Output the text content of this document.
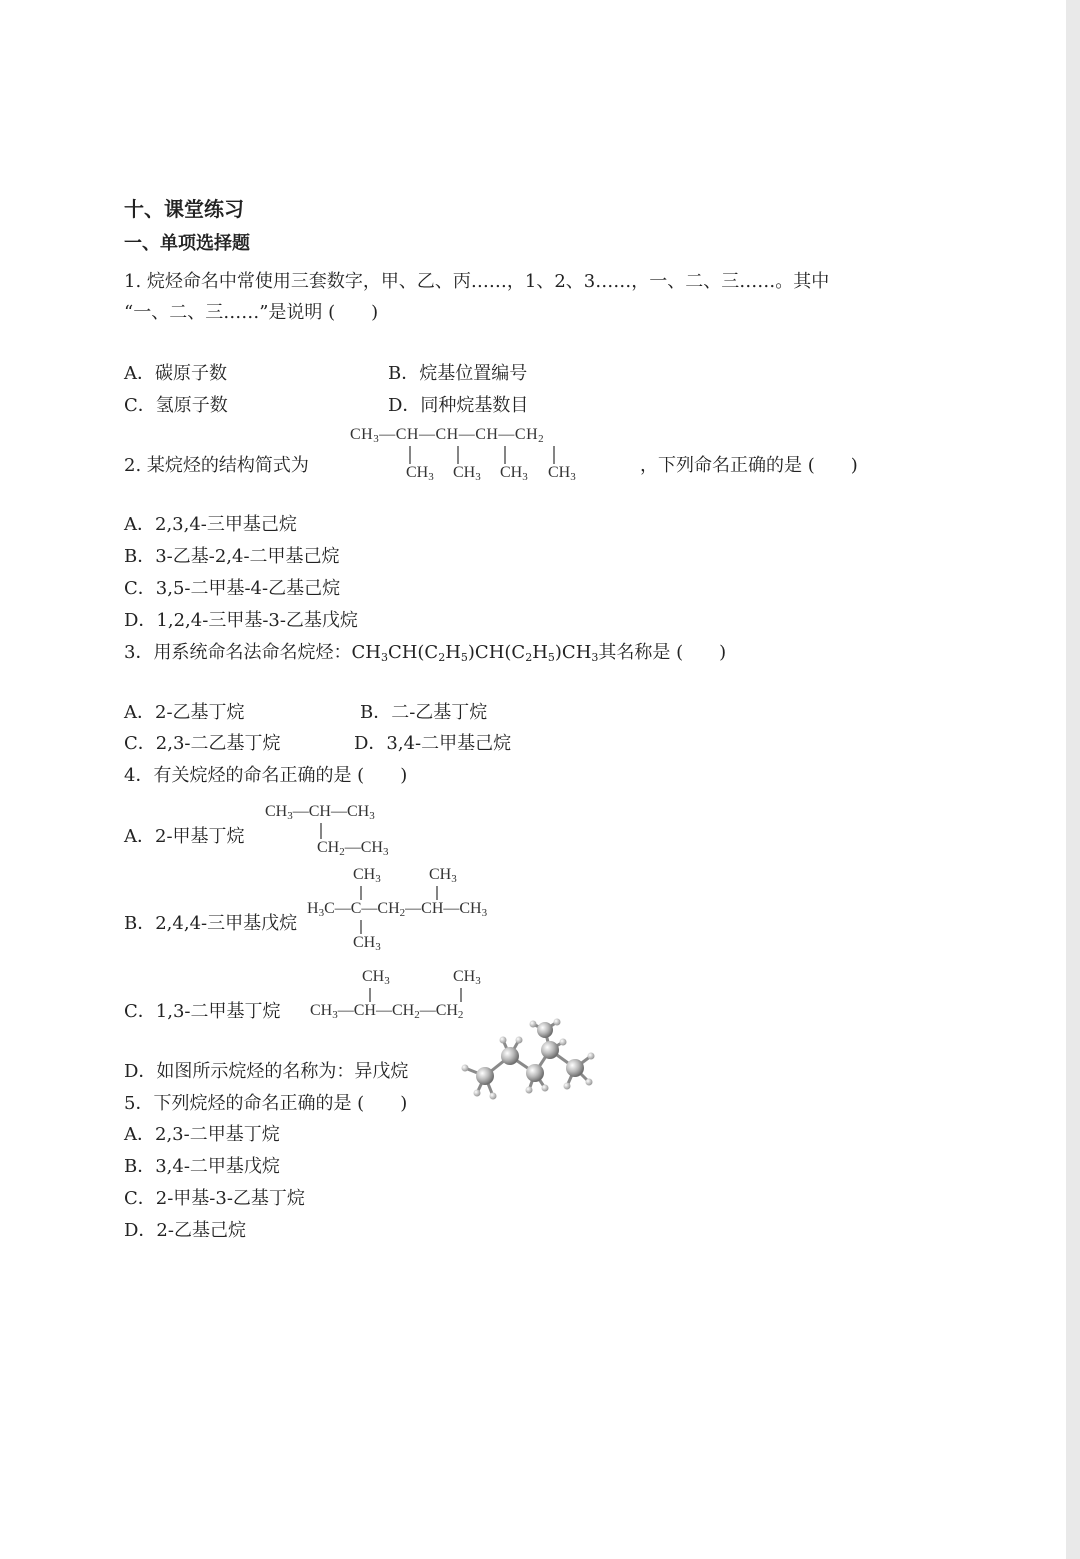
十、课堂练习
一、单项选择题
1. 烷烃命名中常使用三套数字，甲、乙、丙……，1、2、3……，一、二、三……。其中
“一、二、三……”是说明 (　　)
A．碳原子数	B．烷基位置编号
C．氢原子数	D．同种烷基数目
2. 某烷烃的结构简式为
$CH_3—CH—CH—CH—CH_2$
$CH_3$ $CH_3$ $CH_3$ $CH_3$
，下列命名正确的是 (　　)
A．2,3,4-三甲基己烷
B．3-乙基-2,4-二甲基己烷
C．3,5-二甲基-4-乙基己烷
D．1,2,4-三甲基-3-乙基戊烷
3．用系统命名法命名烷烃：$CH_3CH(C_2H_5)CH(C_2H_5)CH_3$其名称是 (　　)
A．2-乙基丁烷	B．二-乙基丁烷
C．2,3-二乙基丁烷	D．3,4-二甲基己烷
4．有关烷烃的命名正确的是 (　　)
A．2-甲基丁烷
$CH_3—CH—CH_3$
$CH_2—CH_3$
B．2,4,4-三甲基戊烷
$CH_3$	$CH_3$
$H_3C—C—CH_2—CH—CH_3$
$CH_3$
C．1,3-二甲基丁烷
$CH_3$	$CH_3$
$CH_3—CH—CH_2—CH_2$
D．如图所示烷烃的名称为：异戊烷
5．下列烷烃的命名正确的是 (　　)
A．2,3-二甲基丁烷
B．3,4-二甲基戊烷
C．2-甲基-3-乙基丁烷
D．2-乙基己烷
